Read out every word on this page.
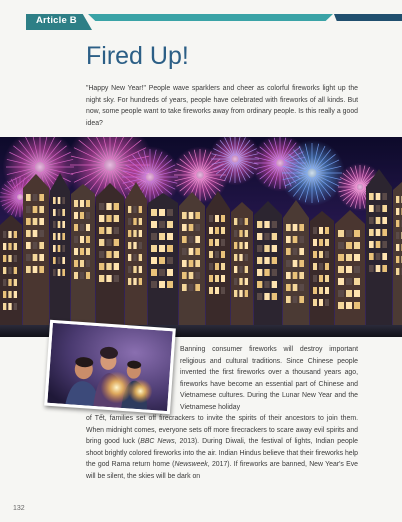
Article B
Fired Up!

"Happy New Year!" People wave sparklers and cheer as colorful fireworks light up the night sky. For hundreds of years, people have celebrated with fireworks of all kinds. But now, some people want to take fireworks away from ordinary people. Is this really a good idea?

Banning consumer fireworks will destroy important religious and cultural traditions. Since Chinese people invented the first fireworks over a thousand years ago, fireworks have become an essential part of Chinese and Vietnamese cultures. During the Lunar New Year and the Vietnamese holiday

of Tết, families set off firecrackers to invite the spirits of their ancestors to join them. When midnight comes, everyone sets off more firecrackers to scare away evil spirits and bring good luck (BBC News, 2013). During Diwali, the festival of lights, Indian people shoot brightly colored fireworks into the air. Indian Hindus believe that their fireworks help the god Rama return home (Newsweek, 2017). If fireworks are banned, New Year's Eve will be silent, the skies will be dark on

132
